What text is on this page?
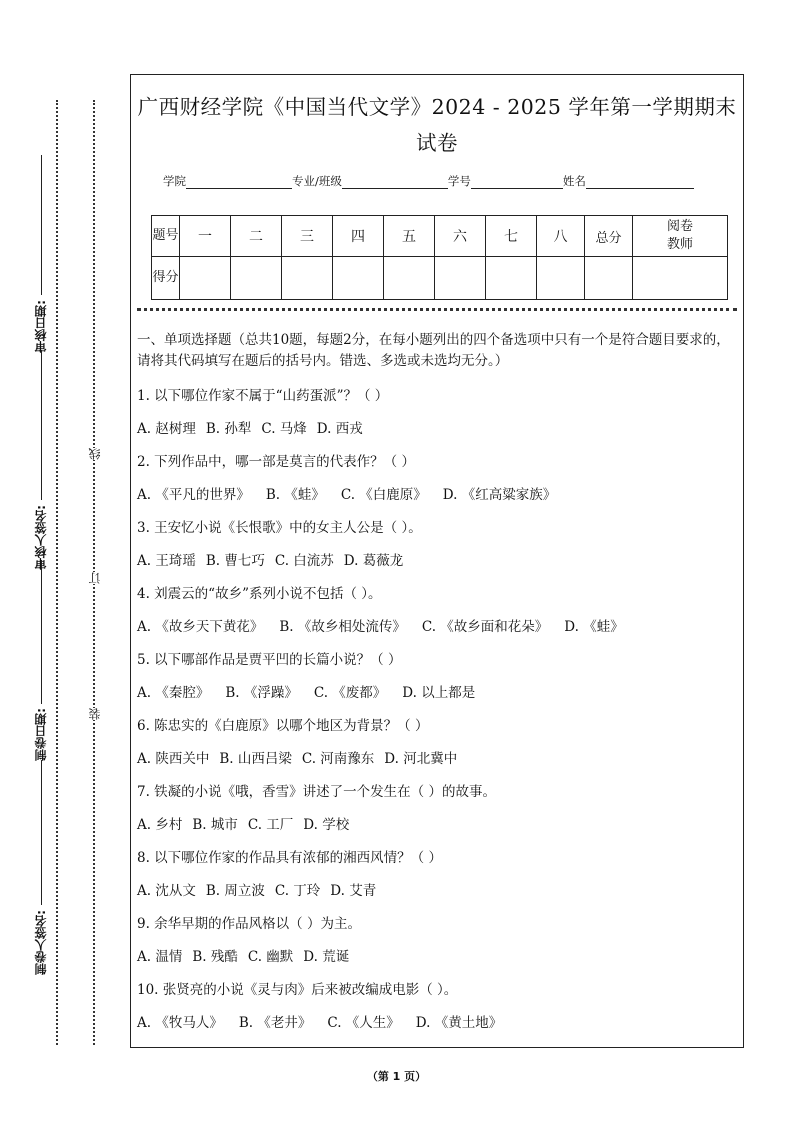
审核日期:
审核人签名:
制卷日期:
制卷人签名:
线
订
装
广西财经学院《中国当代文学》2024 - 2025 学年第一学期期末试卷
学院	专业/班级	学号	姓名
题号	一	二	三	四	五	六	七	八	总分	阅卷教师
得分										
一、单项选择题（总共10题，每题2分，在每小题列出的四个备选项中只有一个是符合题目要求的，请将其代码填写在题后的括号内。错选、多选或未选均无分。）
1. 以下哪位作家不属于“山药蛋派”？（ ）
A. 赵树理 B. 孙犁 C. 马烽 D. 西戎
2. 下列作品中，哪一部是莫言的代表作？（ ）
A. 《平凡的世界》 B. 《蛙》 C. 《白鹿原》 D. 《红高粱家族》
3. 王安忆小说《长恨歌》中的女主人公是（ ）。
A. 王琦瑶 B. 曹七巧 C. 白流苏 D. 葛薇龙
4. 刘震云的“故乡”系列小说不包括（ ）。
A. 《故乡天下黄花》 B. 《故乡相处流传》 C. 《故乡面和花朵》 D. 《蛙》
5. 以下哪部作品是贾平凹的长篇小说？（ ）
A. 《秦腔》 B. 《浮躁》 C. 《废都》 D. 以上都是
6. 陈忠实的《白鹿原》以哪个地区为背景？（ ）
A. 陕西关中 B. 山西吕梁 C. 河南豫东 D. 河北冀中
7. 铁凝的小说《哦，香雪》讲述了一个发生在（ ）的故事。
A. 乡村 B. 城市 C. 工厂 D. 学校
8. 以下哪位作家的作品具有浓郁的湘西风情？（ ）
A. 沈从文 B. 周立波 C. 丁玲 D. 艾青
9. 余华早期的作品风格以（ ）为主。
A. 温情 B. 残酷 C. 幽默 D. 荒诞
10. 张贤亮的小说《灵与肉》后来被改编成电影（ ）。
A. 《牧马人》 B. 《老井》 C. 《人生》 D. 《黄土地》
（第 1 页）
